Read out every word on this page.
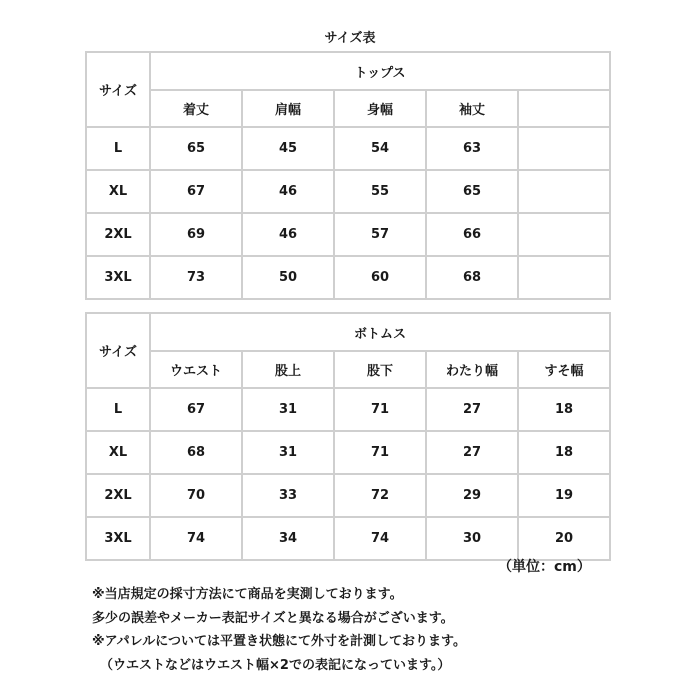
サイズ表
サイズ	トップス				
	着丈	肩幅	身幅	袖丈	
L	65	45	54	63	
XL	67	46	55	65	
2XL	69	46	57	66	
3XL	73	50	60	68	
サイズ	ボトムス				
	ウエスト	股上	股下	わたり幅	すそ幅
L	67	31	71	27	18
XL	68	31	71	27	18
2XL	70	33	72	29	19
3XL	74	34	74	30	20
（単位：cm）
※当店規定の採寸方法にて商品を実測しております。
多少の誤差やメーカー表記サイズと異なる場合がございます。
※アパレルについては平置き状態にて外寸を計測しております。
（ウエストなどはウエスト幅×2での表記になっています。）
